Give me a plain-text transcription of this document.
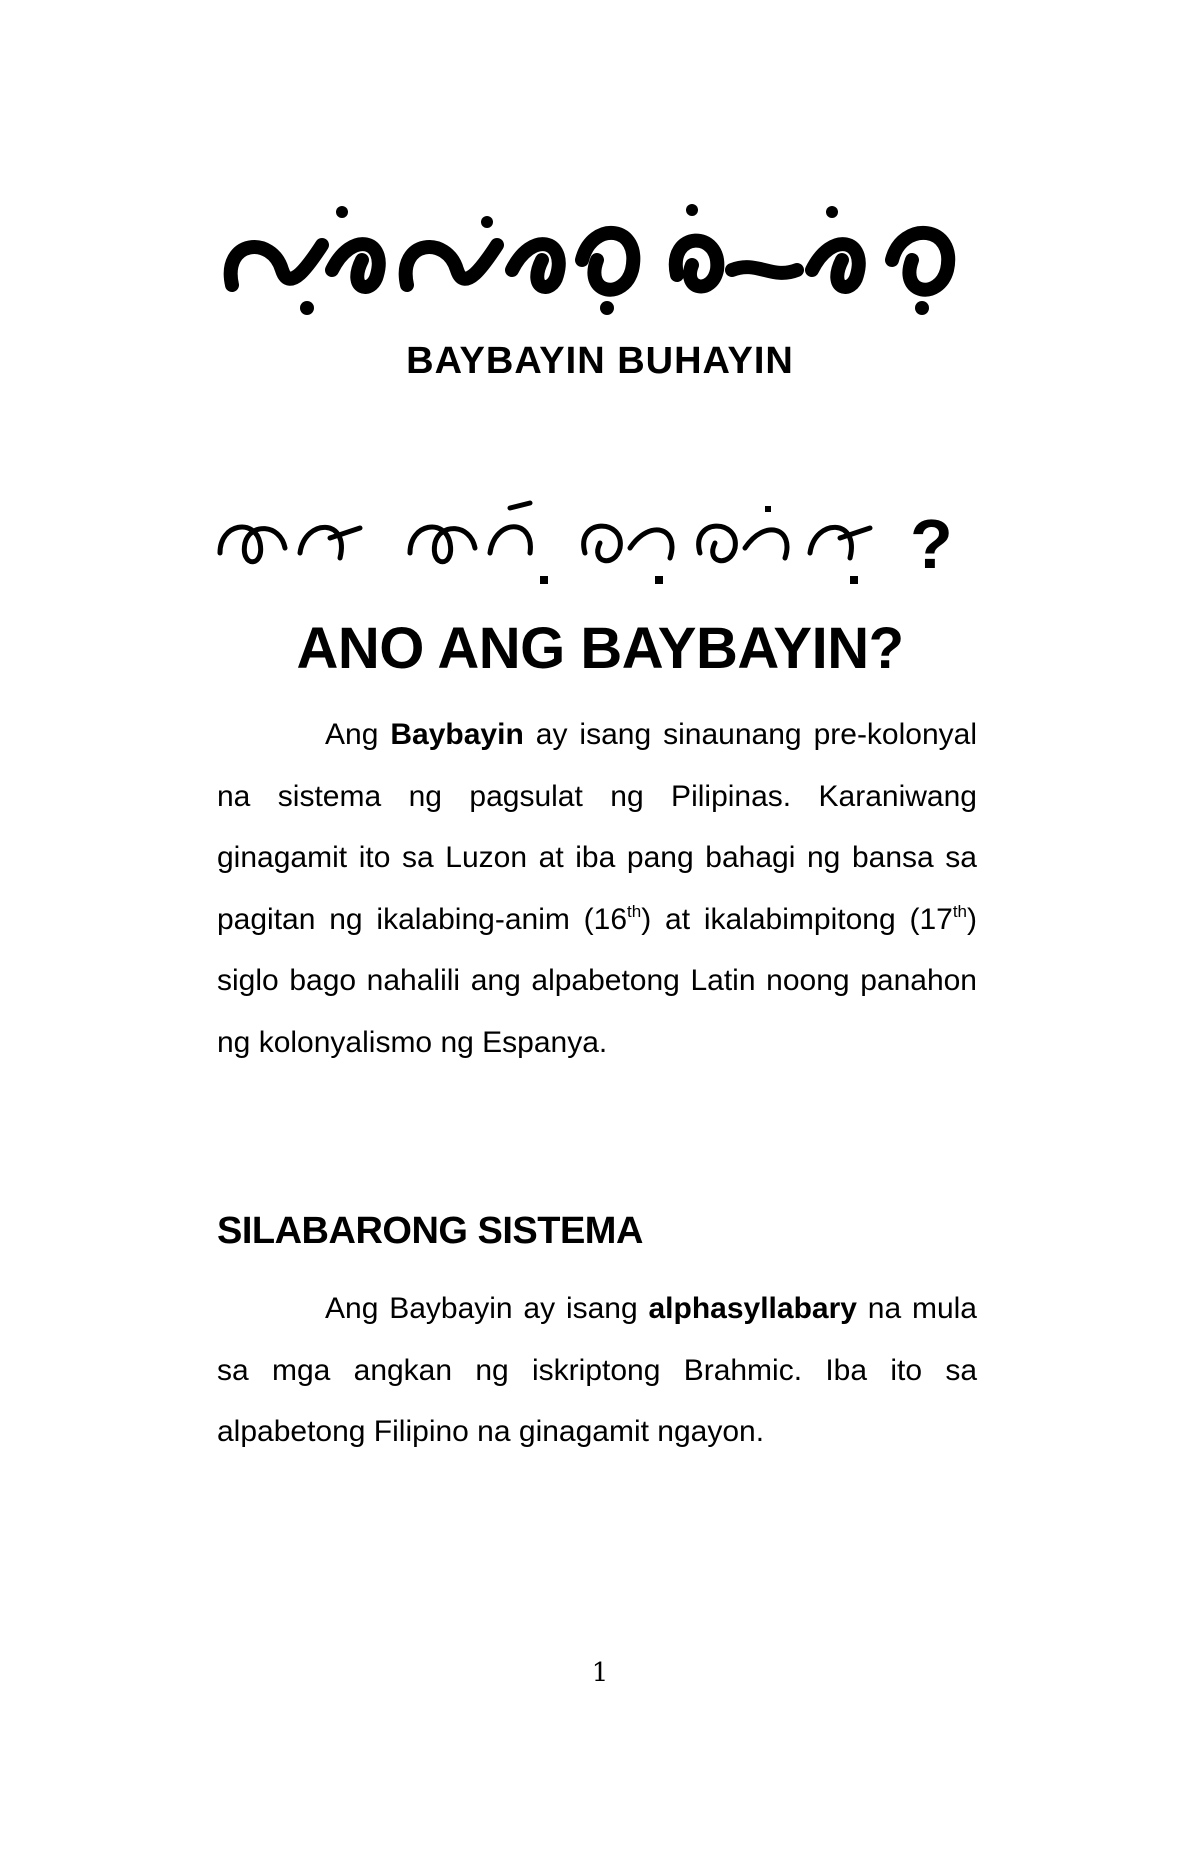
BAYBAYIN BUHAYIN
?
ANO ANG BAYBAYIN?
Ang Baybayin ay isang sinaunang pre-kolonyal na sistema ng pagsulat ng Pilipinas. Karaniwang ginagamit ito sa Luzon at iba pang bahagi ng bansa sa pagitan ng ikalabing-anim (16th) at ikalabimpitong (17th) siglo bago nahalili ang alpabetong Latin noong panahon ng kolonyalismo ng Espanya.
SILABARONG SISTEMA
Ang Baybayin ay isang alphasyllabary na mula sa mga angkan ng iskriptong Brahmic. Iba ito sa alpabetong Filipino na ginagamit ngayon.
1
